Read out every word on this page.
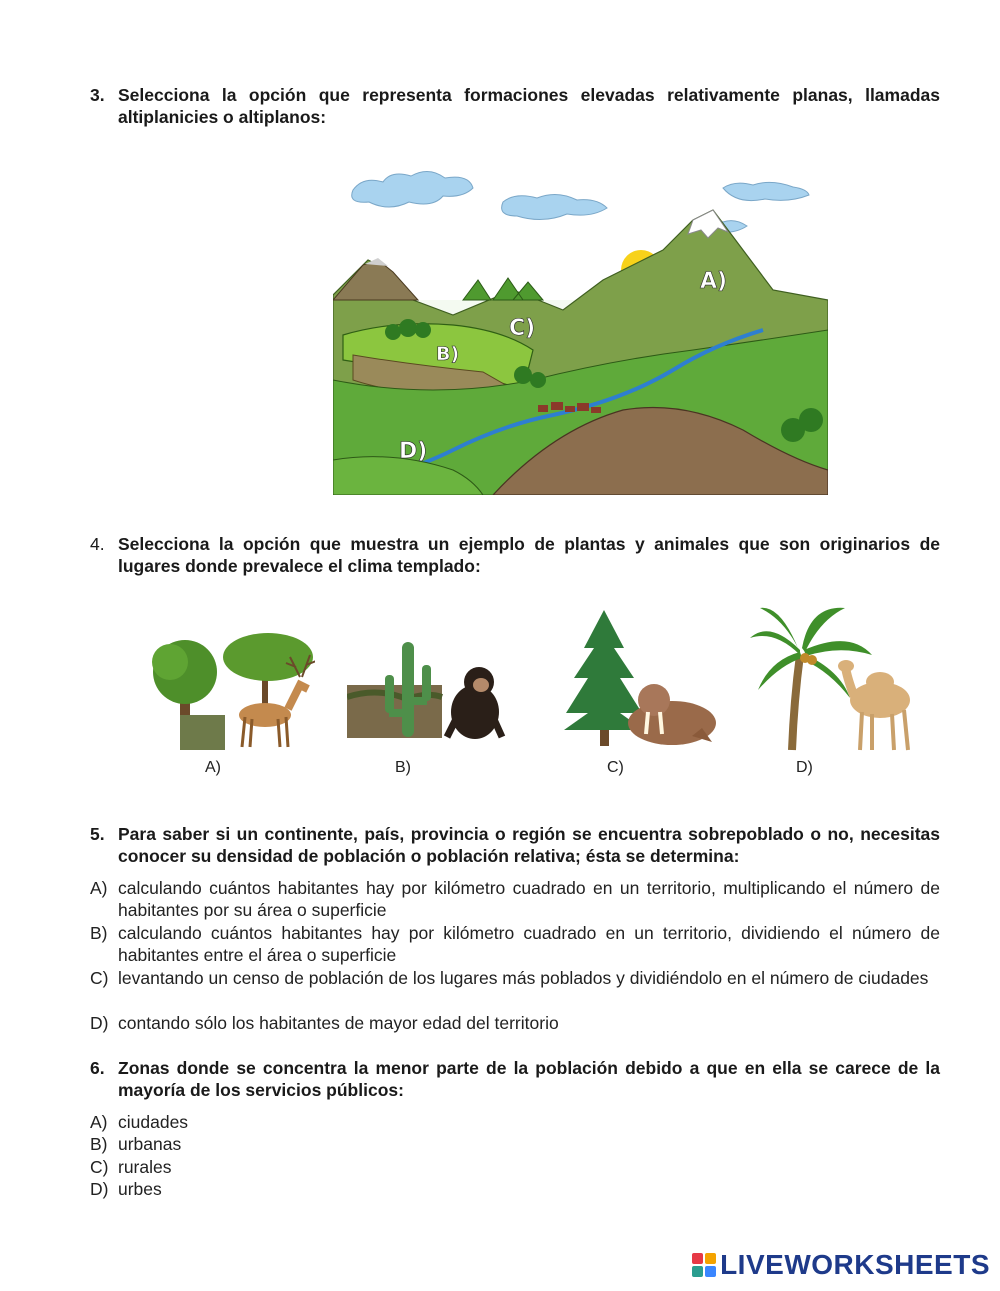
3. Selecciona la opción que representa formaciones elevadas relativamente planas, llamadas altiplanicies o altiplanos:
A)
C)
B)
D)
4. Selecciona la opción que muestra un ejemplo de plantas y animales que son originarios de lugares donde prevalece el clima templado:
A)	B)	C)	D)
5. Para saber si un continente, país, provincia o región se encuentra sobrepoblado o no, necesitas conocer su densidad de población o población relativa; ésta se determina:
A) calculando cuántos habitantes hay por kilómetro cuadrado en un territorio, multiplicando el número de habitantes por su área o superficie
B) calculando cuántos habitantes hay por kilómetro cuadrado en un territorio, dividiendo el número de habitantes entre el área o superficie
C) levantando un censo de población de los lugares más poblados y dividiéndolo en el número de ciudades
D) contando sólo los habitantes de mayor edad del territorio
6. Zonas donde se concentra la menor parte de la población debido a que en ella se carece de la mayoría de los servicios públicos:
A) ciudades
B) urbanas
C) rurales
D) urbes
LIVEWORKSHEETS
